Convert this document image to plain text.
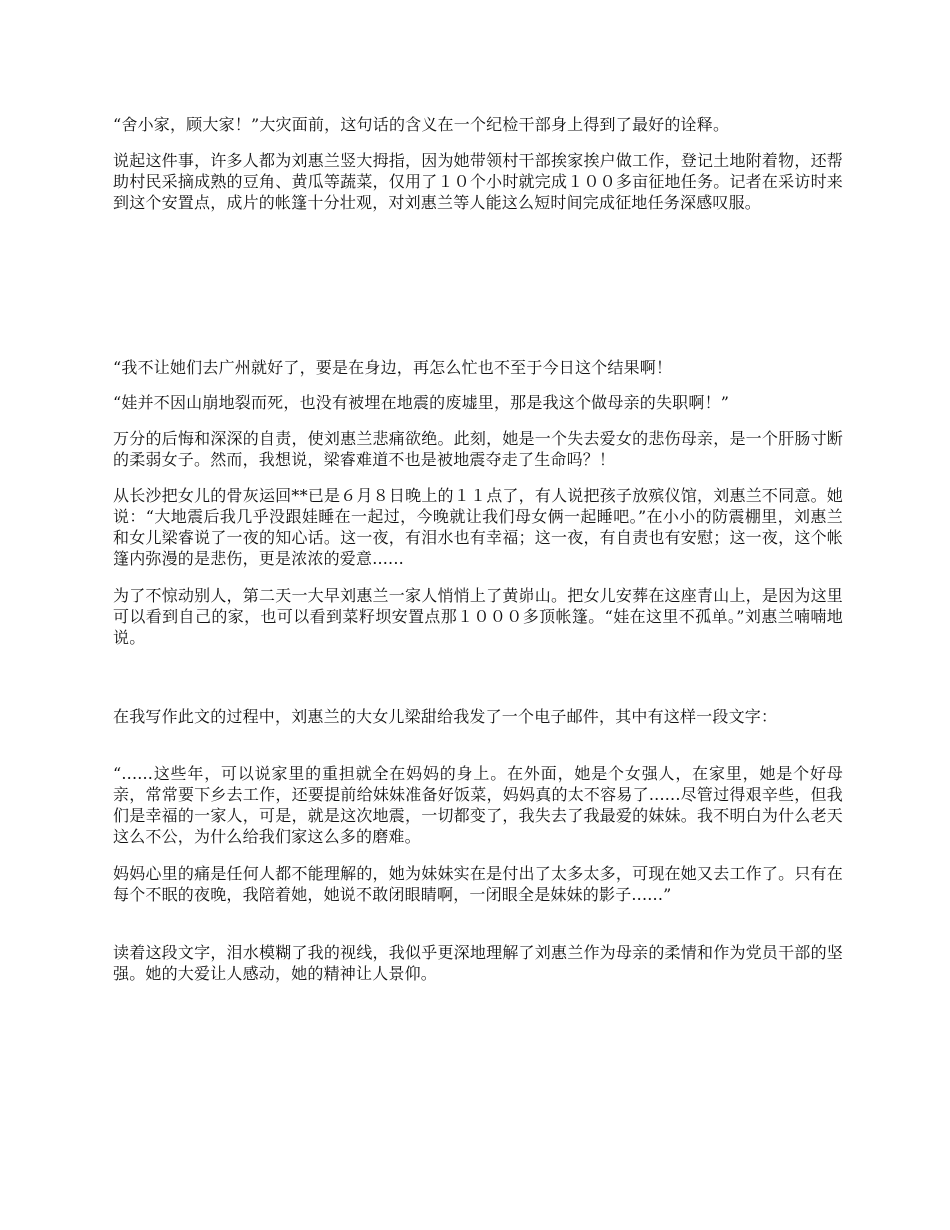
“舍小家，顾大家！”大灾面前，这句话的含义在一个纪检干部身上得到了最好的诠释。

说起这件事，许多人都为刘惠兰竖大拇指，因为她带领村干部挨家挨户做工作，登记土地附着物，还帮助村民采摘成熟的豆角、黄瓜等蔬菜，仅用了１０个小时就完成１００多亩征地任务。记者在采访时来到这个安置点，成片的帐篷十分壮观，对刘惠兰等人能这么短时间完成征地任务深感叹服。

“我不让她们去广州就好了，要是在身边，再怎么忙也不至于今日这个结果啊！

“娃并不因山崩地裂而死，也没有被埋在地震的废墟里，那是我这个做母亲的失职啊！”

万分的后悔和深深的自责，使刘惠兰悲痛欲绝。此刻，她是一个失去爱女的悲伤母亲，是一个肝肠寸断的柔弱女子。然而，我想说，梁睿难道不也是被地震夺走了生命吗？！

从长沙把女儿的骨灰运回**已是６月８日晚上的１１点了，有人说把孩子放殡仪馆，刘惠兰不同意。她说：“大地震后我几乎没跟娃睡在一起过，今晚就让我们母女俩一起睡吧。”在小小的防震棚里，刘惠兰和女儿梁睿说了一夜的知心话。这一夜，有泪水也有幸福；这一夜，有自责也有安慰；这一夜，这个帐篷内弥漫的是悲伤，更是浓浓的爱意......

为了不惊动别人，第二天一大早刘惠兰一家人悄悄上了黄峁山。把女儿安葬在这座青山上，是因为这里可以看到自己的家，也可以看到菜籽坝安置点那１０００多顶帐篷。“娃在这里不孤单。”刘惠兰喃喃地说。

在我写作此文的过程中，刘惠兰的大女儿梁甜给我发了一个电子邮件，其中有这样一段文字：

“......这些年，可以说家里的重担就全在妈妈的身上。在外面，她是个女强人，在家里，她是个好母亲，常常要下乡去工作，还要提前给妹妹准备好饭菜，妈妈真的太不容易了......尽管过得艰辛些，但我们是幸福的一家人，可是，就是这次地震，一切都变了，我失去了我最爱的妹妹。我不明白为什么老天这么不公，为什么给我们家这么多的磨难。

妈妈心里的痛是任何人都不能理解的，她为妹妹实在是付出了太多太多，可现在她又去工作了。只有在每个不眠的夜晚，我陪着她，她说不敢闭眼睛啊，一闭眼全是妹妹的影子......”

读着这段文字，泪水模糊了我的视线，我似乎更深地理解了刘惠兰作为母亲的柔情和作为党员干部的坚强。她的大爱让人感动，她的精神让人景仰。
